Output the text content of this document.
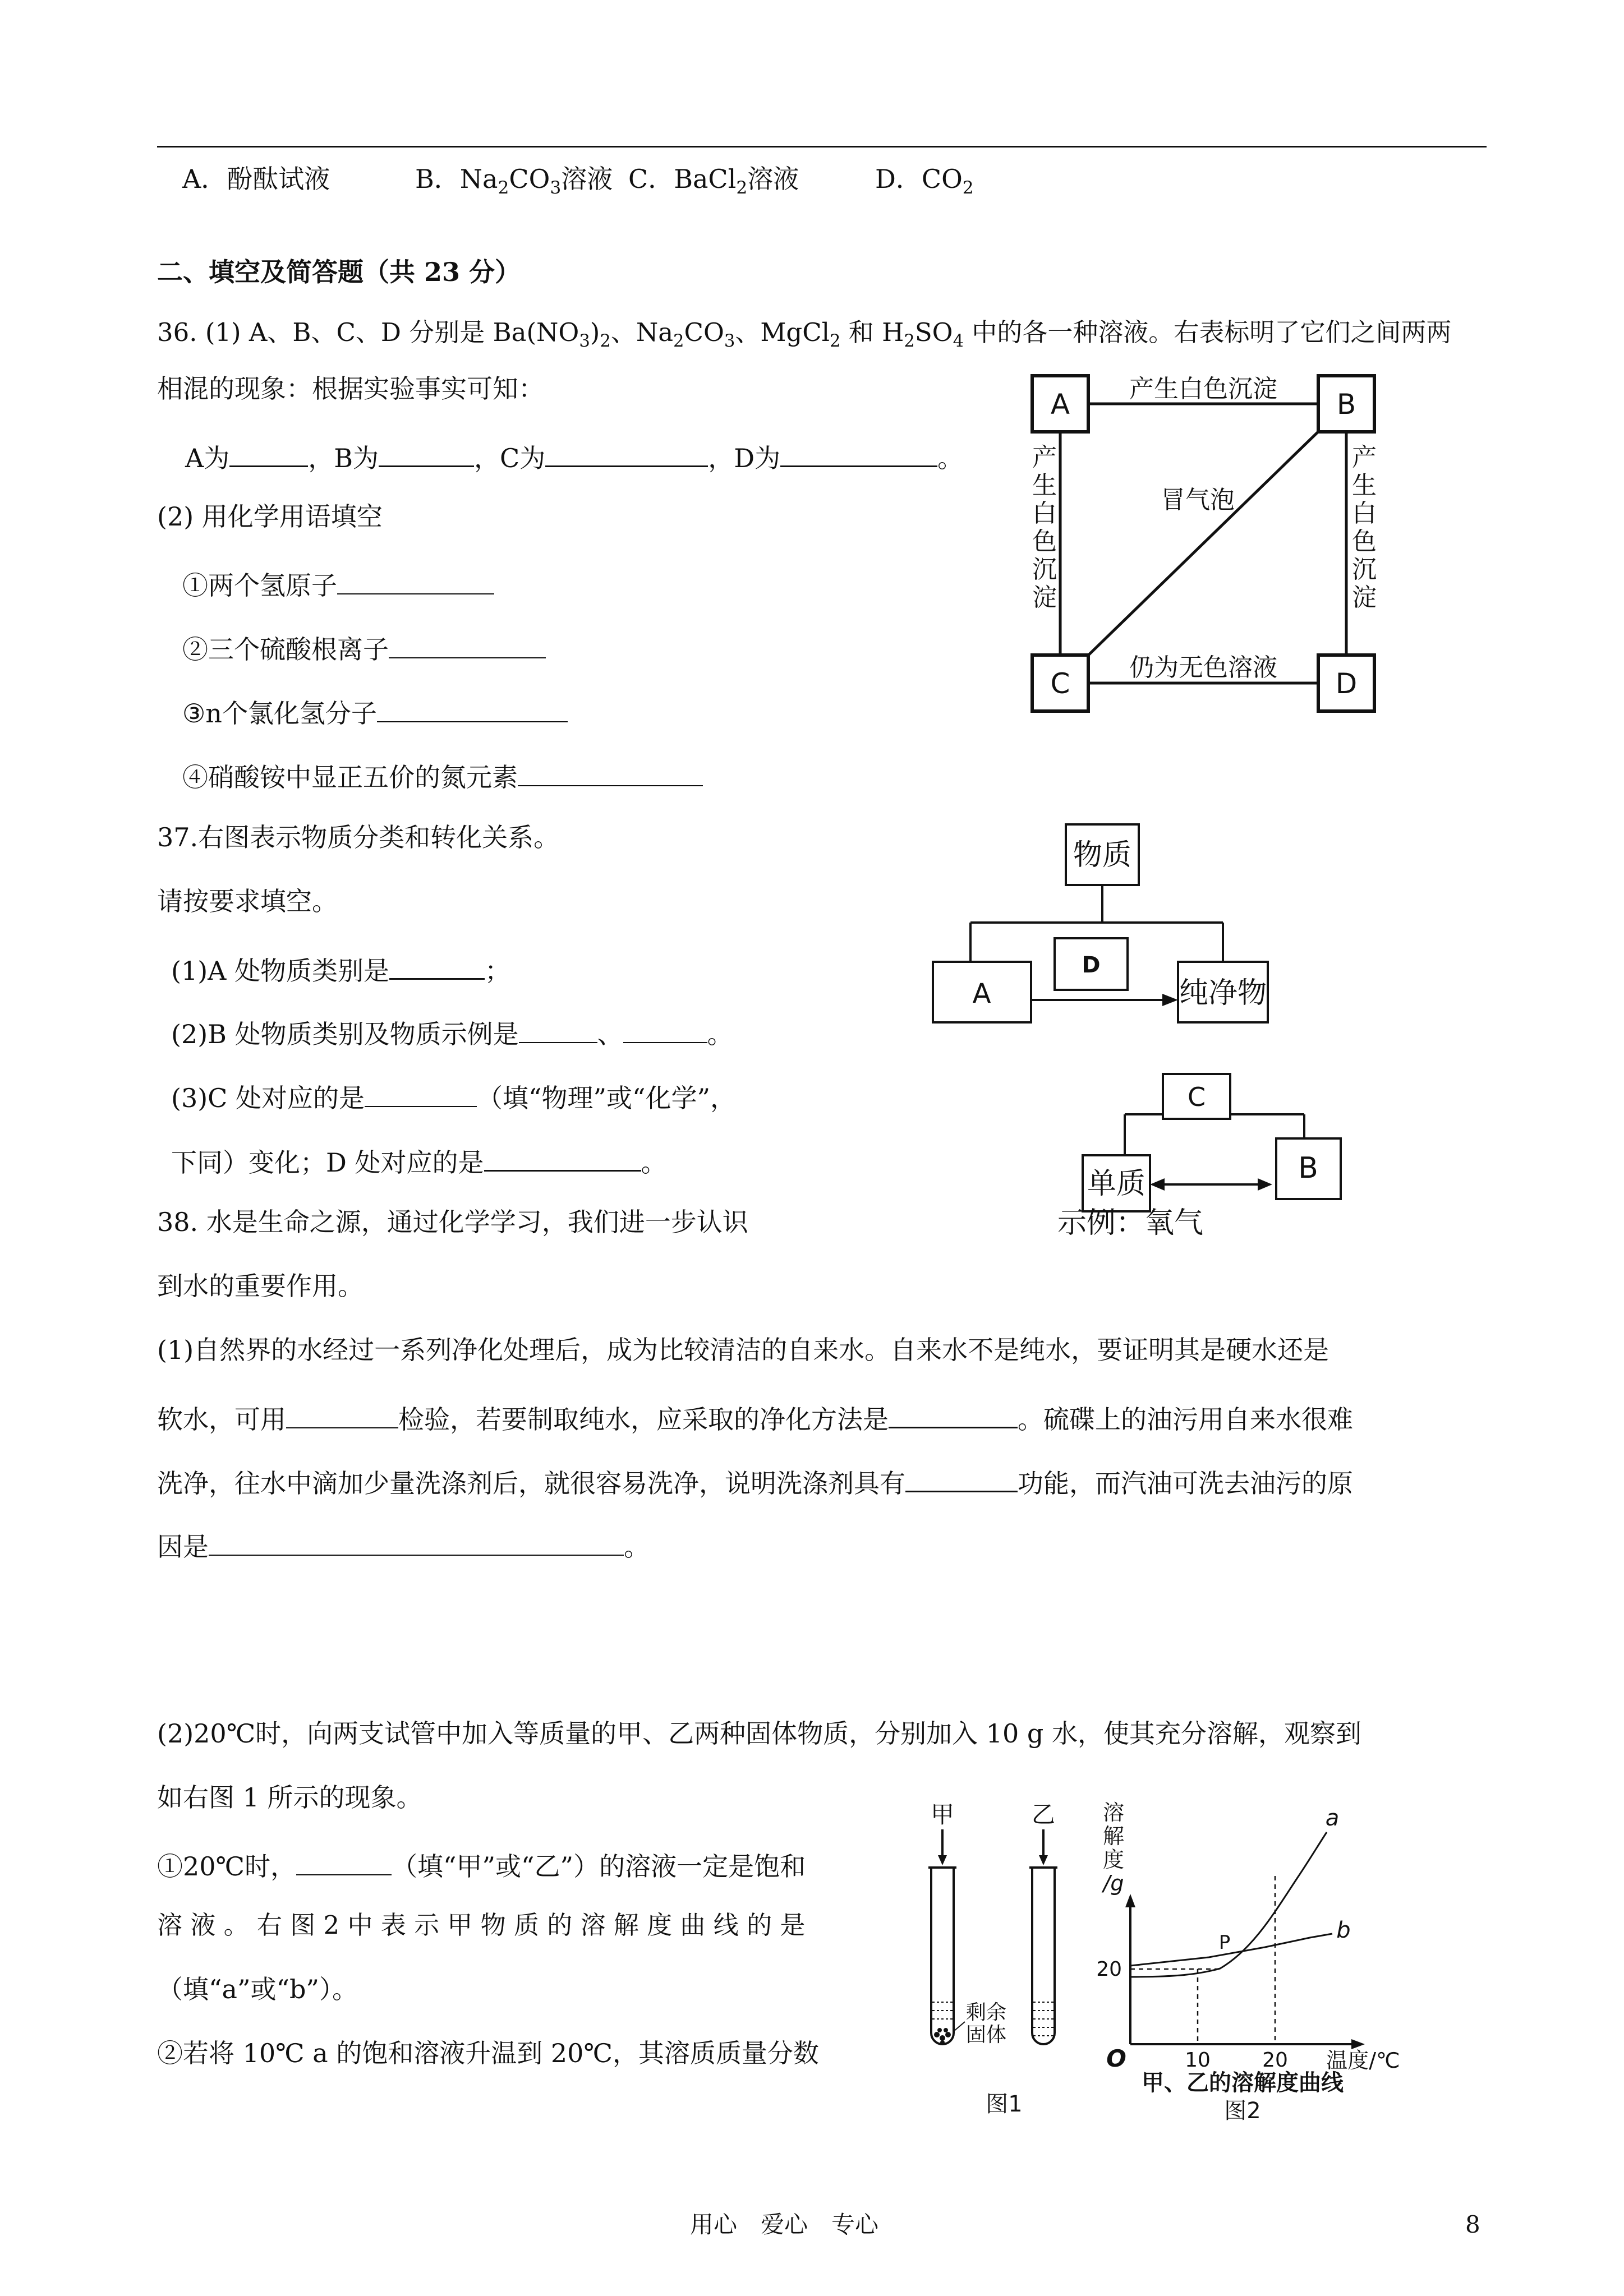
A．酚酞试液	B．$Na_2CO_3$溶液 C．BaCl$_2$溶液	D．$CO_2$
二、填空及简答题（共 23 分）
36. (1) A、B、C、D 分别是 $Ba(NO_3)_2$、$Na_2CO_3$、MgCl$_2$ 和 $H_2SO_4$ 中的各一种溶液。右表标明了它们之间两两
相混的现象：根据实验事实可知：
A为	，B为	，C为	，D为	。
(2) 用化学用语填空
①两个氢原子
②三个硫酸根离子
③n个氯化氢分子
④硝酸铵中显正五价的氮元素
A	B
C	D
产生白色沉淀
仍为无色溶液
冒气泡
产
生
白
色
沉
淀
产
生
白
色
沉
淀
37.右图表示物质分类和转化关系。
请按要求填空。
(1)A 处物质类别是	；
(2)B 处物质类别及物质示例是	、	。
(3)C 处对应的是	（填“物理”或“化学”，
下同）变化；D 处对应的是	。
物质
A
D
纯净物
C
单质	B
示例：氧气
38. 水是生命之源，通过化学学习，我们进一步认识
到水的重要作用。
(1)自然界的水经过一系列净化处理后，成为比较清洁的自来水。自来水不是纯水，要证明其是硬水还是
软水，可用	检验，若要制取纯水，应采取的净化方法是	。硫碟上的油污用自来水很难
洗净，往水中滴加少量洗涤剂后，就很容易洗净，说明洗涤剂具有	功能，而汽油可洗去油污的原
因是	。
(2)20℃时，向两支试管中加入等质量的甲、乙两种固体物质，分别加入 10 g 水，使其充分溶解，观察到
如右图 1 所示的现象。
①20℃时，	（填“甲”或“乙”）的溶液一定是饱和
溶 液 。 右 图 2 中 表 示 甲 物 质 的 溶 解 度 曲 线 的 是
（填“a”或“b”）。
②若将 10℃ a 的饱和溶液升温到 20℃，其溶质质量分数
甲	乙
剩余
固体
图1
溶
解
度
/g
20
O	10	20 温度/℃
a
b
P
甲、乙的溶解度曲线
图2
用心　爱心　专心	8
